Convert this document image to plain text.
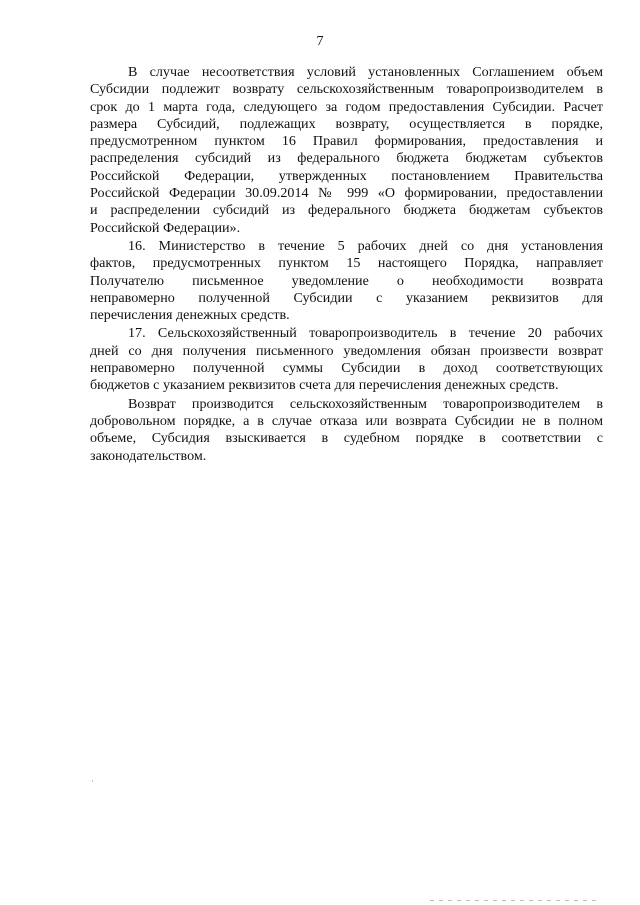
7

В случае несоответствия условий установленных Соглашением объем
Субсидии подлежит возврату сельскохозяйственным товаропроизводителем в
срок до 1 марта года, следующего за годом предоставления Субсидии. Расчет
размера Субсидий, подлежащих возврату, осуществляется в порядке,
предусмотренном пунктом 16 Правил формирования, предоставления и
распределения субсидий из федерального бюджета бюджетам субъектов
Российской Федерации, утвержденных постановлением Правительства
Российской Федерации 30.09.2014 № 999 «О формировании, предоставлении
и распределении субсидий из федерального бюджета бюджетам субъектов
Российской Федерации».

16. Министерство в течение 5 рабочих дней со дня установления
фактов, предусмотренных пунктом 15 настоящего Порядка, направляет
Получателю письменное уведомление о необходимости возврата
неправомерно полученной Субсидии с указанием реквизитов для
перечисления денежных средств.

17. Сельскохозяйственный товаропроизводитель в течение 20 рабочих
дней со дня получения письменного уведомления обязан произвести возврат
неправомерно полученной суммы Субсидии в доход соответствующих
бюджетов с указанием реквизитов счета для перечисления денежных средств.

Возврат производится сельскохозяйственным товаропроизводителем в
добровольном порядке, а в случае отказа или возврата Субсидии не в полном
объеме, Субсидия взыскивается в судебном порядке в соответствии с
законодательством.
